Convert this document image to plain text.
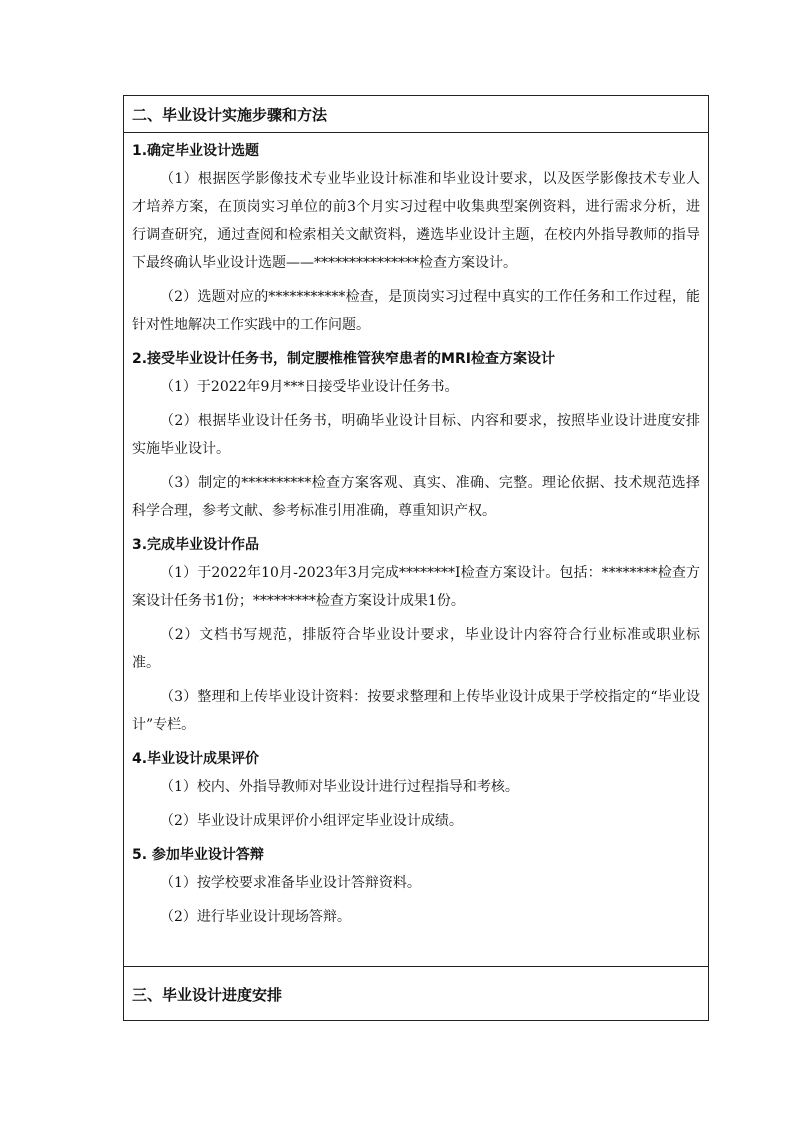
二、毕业设计实施步骤和方法
1.确定毕业设计选题

（1）根据医学影像技术专业毕业设计标准和毕业设计要求，以及医学影像技术专业人才培养方案，在顶岗实习单位的前3个月实习过程中收集典型案例资料，进行需求分析，进行调查研究，通过查阅和检索相关文献资料，遴选毕业设计主题，在校内外指导教师的指导下最终确认毕业设计选题——***************检查方案设计。

（2）选题对应的***********检查，是顶岗实习过程中真实的工作任务和工作过程，能针对性地解决工作实践中的工作问题。

2.接受毕业设计任务书，制定腰椎椎管狭窄患者的MRI检查方案设计

（1）于2022年9月***日接受毕业设计任务书。

（2）根据毕业设计任务书，明确毕业设计目标、内容和要求，按照毕业设计进度安排实施毕业设计。

（3）制定的**********检查方案客观、真实、准确、完整。理论依据、技术规范选择科学合理，参考文献、参考标准引用准确，尊重知识产权。

3.完成毕业设计作品

（1）于2022年10月-2023年3月完成********I检查方案设计。包括：********检查方案设计任务书1份；*********检查方案设计成果1份。

（2）文档书写规范，排版符合毕业设计要求，毕业设计内容符合行业标准或职业标准。

（3）整理和上传毕业设计资料：按要求整理和上传毕业设计成果于学校指定的“毕业设计”专栏。

4.毕业设计成果评价

（1）校内、外指导教师对毕业设计进行过程指导和考核。

（2）毕业设计成果评价小组评定毕业设计成绩。

5. 参加毕业设计答辩

（1）按学校要求准备毕业设计答辩资料。

（2）进行毕业设计现场答辩。

三、毕业设计进度安排
